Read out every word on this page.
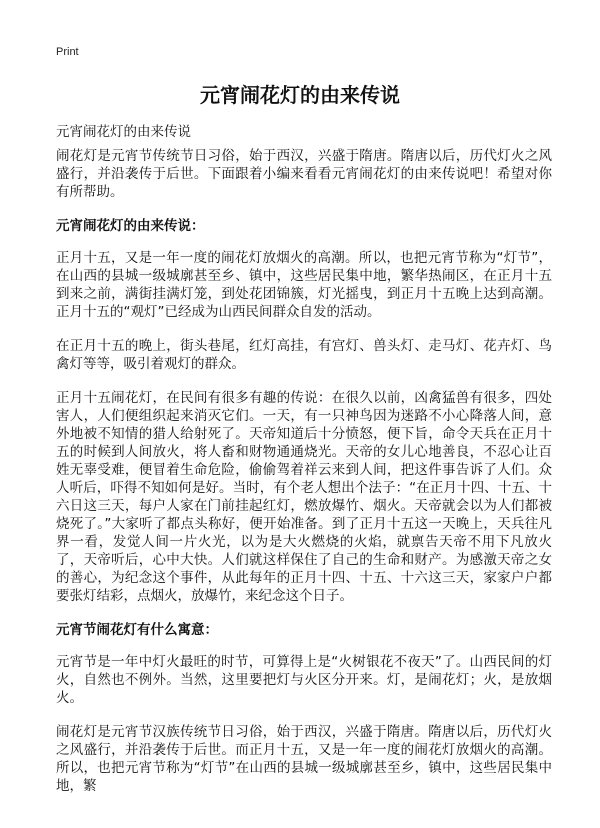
Print
元宵闹花灯的由来传说
元宵闹花灯的由来传说

闹花灯是元宵节传统节日习俗，始于西汉，兴盛于隋唐。隋唐以后，历代灯火之风盛行，并沿袭传于后世。下面跟着小编来看看元宵闹花灯的由来传说吧！希望对你有所帮助。

元宵闹花灯的由来传说：

正月十五，又是一年一度的闹花灯放烟火的高潮。所以，也把元宵节称为“灯节”，在山西的县城一级城廓甚至乡、镇中，这些居民集中地，繁华热闹区，在正月十五到来之前，满街挂满灯笼，到处花团锦簇，灯光摇曳，到正月十五晚上达到高潮。正月十五的“观灯”已经成为山西民间群众自发的活动。

在正月十五的晚上，街头巷尾，红灯高挂，有宫灯、兽头灯、走马灯、花卉灯、鸟禽灯等等，吸引着观灯的群众。

正月十五闹花灯，在民间有很多有趣的传说：在很久以前，凶禽猛兽有很多，四处害人，人们便组织起来消灭它们。一天，有一只神鸟因为迷路不小心降落人间，意外地被不知情的猎人给射死了。天帝知道后十分愤怒，便下旨，命令天兵在正月十五的时候到人间放火，将人畜和财物通通烧光。天帝的女儿心地善良，不忍心让百姓无辜受难，便冒着生命危险，偷偷驾着祥云来到人间，把这件事告诉了人们。众人听后，吓得不知如何是好。当时，有个老人想出个法子：“在正月十四、十五、十六日这三天，每户人家在门前挂起红灯，燃放爆竹、烟火。天帝就会以为人们都被烧死了。”大家听了都点头称好，便开始准备。到了正月十五这一天晚上，天兵往凡界一看，发觉人间一片火光，以为是大火燃烧的火焰，就禀告天帝不用下凡放火了，天帝听后，心中大快。人们就这样保住了自己的生命和财产。为感激天帝之女的善心，为纪念这个事件，从此每年的正月十四、十五、十六这三天，家家户户都要张灯结彩，点烟火，放爆竹，来纪念这个日子。

元宵节闹花灯有什么寓意：

元宵节是一年中灯火最旺的时节，可算得上是“火树银花不夜天”了。山西民间的灯火，自然也不例外。当然，这里要把灯与火区分开来。灯，是闹花灯；火，是放烟火。

闹花灯是元宵节汉族传统节日习俗，始于西汉，兴盛于隋唐。隋唐以后，历代灯火之风盛行，并沿袭传于后世。而正月十五，又是一年一度的闹花灯放烟火的高潮。所以，也把元宵节称为“灯节”在山西的县城一级城廓甚至乡，镇中，这些居民集中地，繁
